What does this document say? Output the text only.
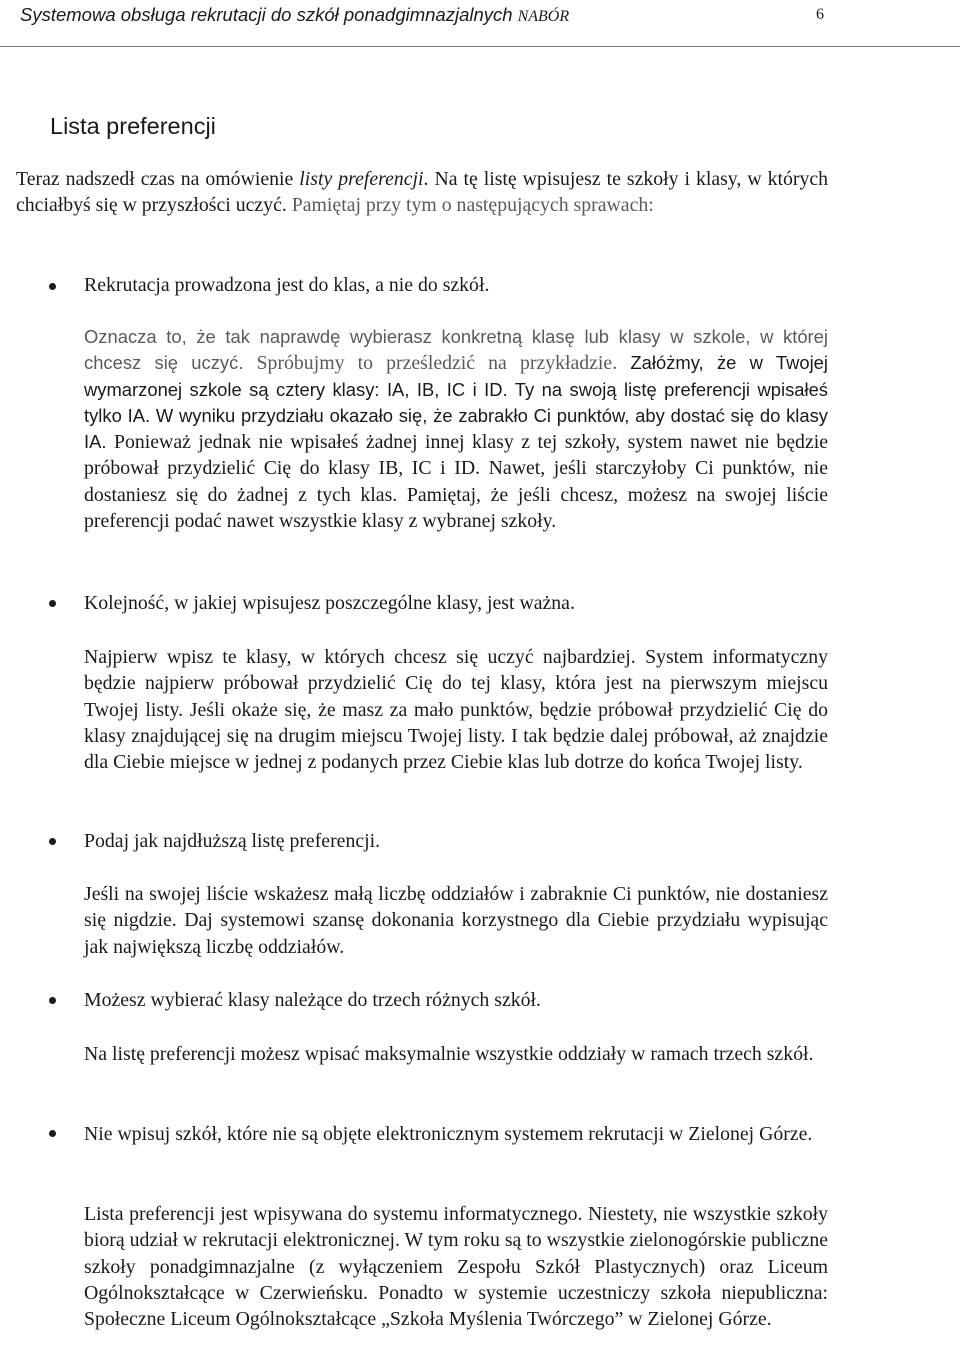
Systemowa obsługa rekrutacji do szkół ponadgimnazjalnych NABÓR	6
Lista preferencji

Teraz nadszedł czas na omówienie listy preferencji. Na tę listę wpisujesz te szkoły i klasy, w których chciałbyś się w przyszłości uczyć. Pamiętaj przy tym o następujących sprawach:

Rekrutacja prowadzona jest do klas, a nie do szkół.

Oznacza to, że tak naprawdę wybierasz konkretną klasę lub klasy w szkole, w której chcesz się uczyć. Spróbujmy to prześledzić na przykładzie. Załóżmy, że w Twojej wymarzonej szkole są cztery klasy: IA, IB, IC i ID. Ty na swoją listę preferencji wpisałeś tylko IA. W wyniku przydziału okazało się, że zabrakło Ci punktów, aby dostać się do klasy IA. Ponieważ jednak nie wpisałeś żadnej innej klasy z tej szkoły, system nawet nie będzie próbował przydzielić Cię do klasy IB, IC i ID. Nawet, jeśli starczyłoby Ci punktów, nie dostaniesz się do żadnej z tych klas. Pamiętaj, że jeśli chcesz, możesz na swojej liście preferencji podać nawet wszystkie klasy z wybranej szkoły.

Kolejność, w jakiej wpisujesz poszczególne klasy, jest ważna.

Najpierw wpisz te klasy, w których chcesz się uczyć najbardziej. System informatyczny będzie najpierw próbował przydzielić Cię do tej klasy, która jest na pierwszym miejscu Twojej listy. Jeśli okaże się, że masz za mało punktów, będzie próbował przydzielić Cię do klasy znajdującej się na drugim miejscu Twojej listy. I tak będzie dalej próbował, aż znajdzie dla Ciebie miejsce w jednej z podanych przez Ciebie klas lub dotrze do końca Twojej listy.

Podaj jak najdłuższą listę preferencji.

Jeśli na swojej liście wskażesz małą liczbę oddziałów i zabraknie Ci punktów, nie dostaniesz się nigdzie. Daj systemowi szansę dokonania korzystnego dla Ciebie przydziału wypisując jak największą liczbę oddziałów.

Możesz wybierać klasy należące do trzech różnych szkół.

Na listę preferencji możesz wpisać maksymalnie wszystkie oddziały w ramach trzech szkół.

Nie wpisuj szkół, które nie są objęte elektronicznym systemem rekrutacji w Zielonej Górze.

Lista preferencji jest wpisywana do systemu informatycznego. Niestety, nie wszystkie szkoły biorą udział w rekrutacji elektronicznej. W tym roku są to wszystkie zielonogórskie publiczne szkoły ponadgimnazjalne (z wyłączeniem Zespołu Szkół Plastycznych) oraz Liceum Ogólnokształcące w Czerwieńsku. Ponadto w systemie uczestniczy szkoła niepubliczna: Społeczne Liceum Ogólnokształcące „Szkoła Myślenia Twórczego” w Zielonej Górze.
